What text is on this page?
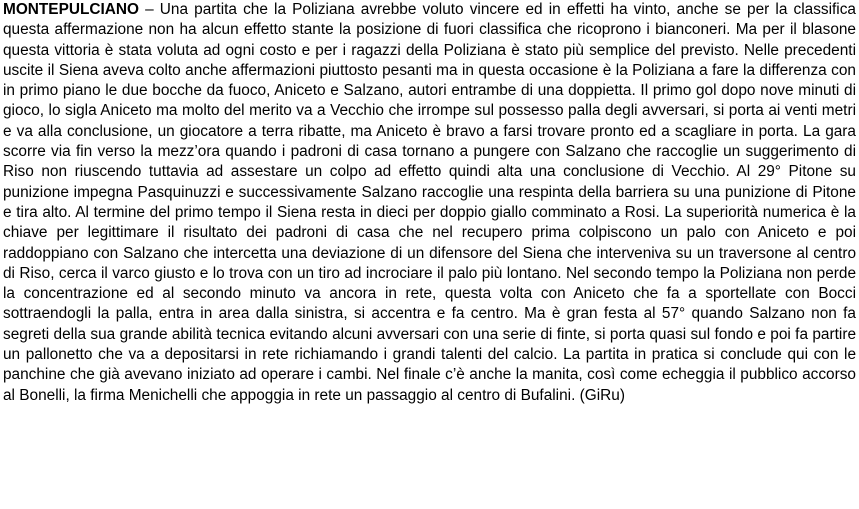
MONTEPULCIANO – Una partita che la Poliziana avrebbe voluto vincere ed in effetti ha vinto, anche se per la classifica questa affermazione non ha alcun effetto stante la posizione di fuori classifica che ricoprono i bianconeri. Ma per il blasone questa vittoria è stata voluta ad ogni costo e per i ragazzi della Poliziana è stato più semplice del previsto. Nelle precedenti uscite il Siena aveva colto anche affermazioni piuttosto pesanti ma in questa occasione è la Poliziana a fare la differenza con in primo piano le due bocche da fuoco, Aniceto e Salzano, autori entrambe di una doppietta. Il primo gol dopo nove minuti di gioco, lo sigla Aniceto ma molto del merito va a Vecchio che irrompe sul possesso palla degli avversari, si porta ai venti metri e va alla conclusione, un giocatore a terra ribatte, ma Aniceto è bravo a farsi trovare pronto ed a scagliare in porta. La gara scorre via fin verso la mezz’ora quando i padroni di casa tornano a pungere con Salzano che raccoglie un suggerimento di Riso non riuscendo tuttavia ad assestare un colpo ad effetto quindi alta una conclusione di Vecchio. Al 29° Pitone su punizione impegna Pasquinuzzi e successivamente Salzano raccoglie una respinta della barriera su una punizione di Pitone e tira alto. Al termine del primo tempo il Siena resta in dieci per doppio giallo comminato a Rosi. La superiorità numerica è la chiave per legittimare il risultato dei padroni di casa che nel recupero prima colpiscono un palo con Aniceto e poi raddoppiano con Salzano che intercetta una deviazione di un difensore del Siena che interveniva su un traversone al centro di Riso, cerca il varco giusto e lo trova con un tiro ad incrociare il palo più lontano. Nel secondo tempo la Poliziana non perde la concentrazione ed al secondo minuto va ancora in rete, questa volta con Aniceto che fa a sportellate con Bocci sottraendogli la palla, entra in area dalla sinistra, si accentra e fa centro. Ma è gran festa al 57° quando Salzano non fa segreti della sua grande abilità tecnica evitando alcuni avversari con una serie di finte, si porta quasi sul fondo e poi fa partire un pallonetto che va a depositarsi in rete richiamando i grandi talenti del calcio. La partita in pratica si conclude qui con le panchine che già avevano iniziato ad operare i cambi. Nel finale c’è anche la manita, così come echeggia il pubblico accorso al Bonelli, la firma Menichelli che appoggia in rete un passaggio al centro di Bufalini. (GiRu)
